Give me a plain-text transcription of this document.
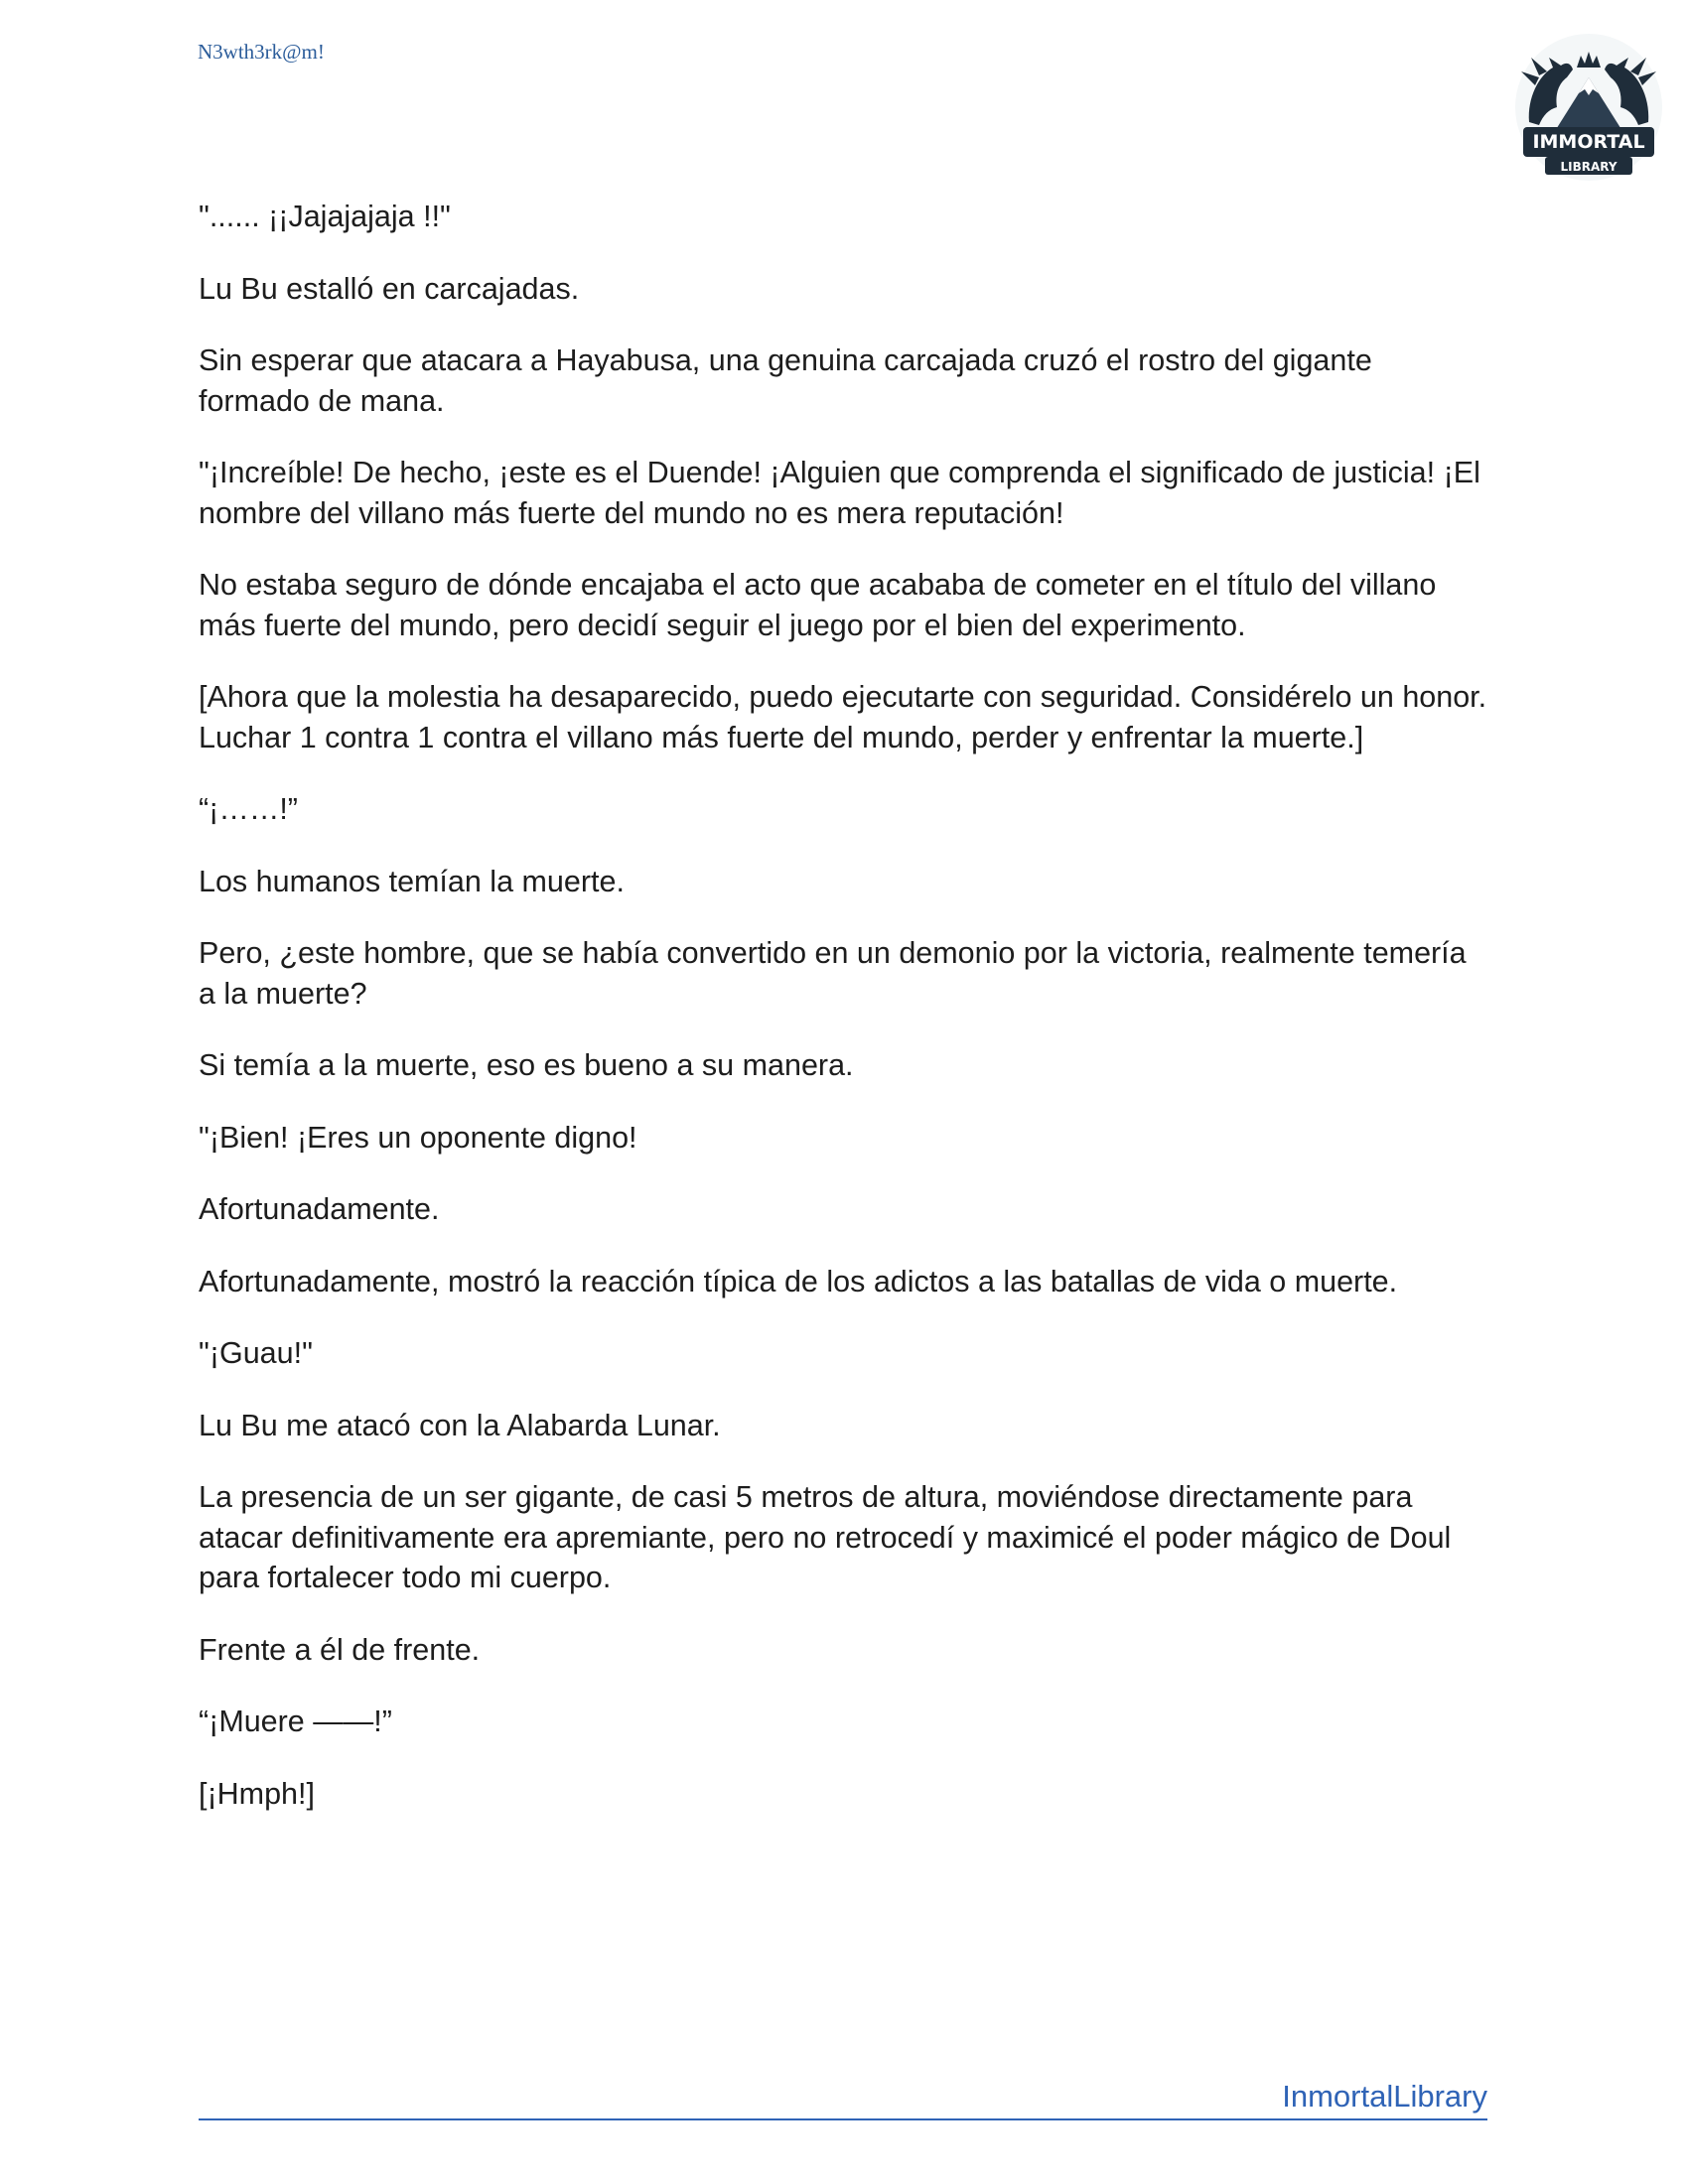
N3wth3rk@m!
IMMORTAL
LIBRARY

"...... ¡¡Jajajajaja !!"

Lu Bu estalló en carcajadas.

Sin esperar que atacara a Hayabusa, una genuina carcajada cruzó el rostro del gigante formado de mana.

"¡Increíble! De hecho, ¡este es el Duende! ¡Alguien que comprenda el significado de justicia! ¡El nombre del villano más fuerte del mundo no es mera reputación!

No estaba seguro de dónde encajaba el acto que acababa de cometer en el título del villano más fuerte del mundo, pero decidí seguir el juego por el bien del experimento.

[Ahora que la molestia ha desaparecido, puedo ejecutarte con seguridad. Considérelo un honor. Luchar 1 contra 1 contra el villano más fuerte del mundo, perder y enfrentar la muerte.]

“¡……!”

Los humanos temían la muerte.

Pero, ¿este hombre, que se había convertido en un demonio por la victoria, realmente temería a la muerte?

Si temía a la muerte, eso es bueno a su manera.

"¡Bien! ¡Eres un oponente digno!

Afortunadamente.

Afortunadamente, mostró la reacción típica de los adictos a las batallas de vida o muerte.

"¡Guau!"

Lu Bu me atacó con la Alabarda Lunar.

La presencia de un ser gigante, de casi 5 metros de altura, moviéndose directamente para atacar definitivamente era apremiante, pero no retrocedí y maximicé el poder mágico de Doul para fortalecer todo mi cuerpo.

Frente a él de frente.

“¡Muere ——!”

[¡Hmph!]

InmortalLibrary
